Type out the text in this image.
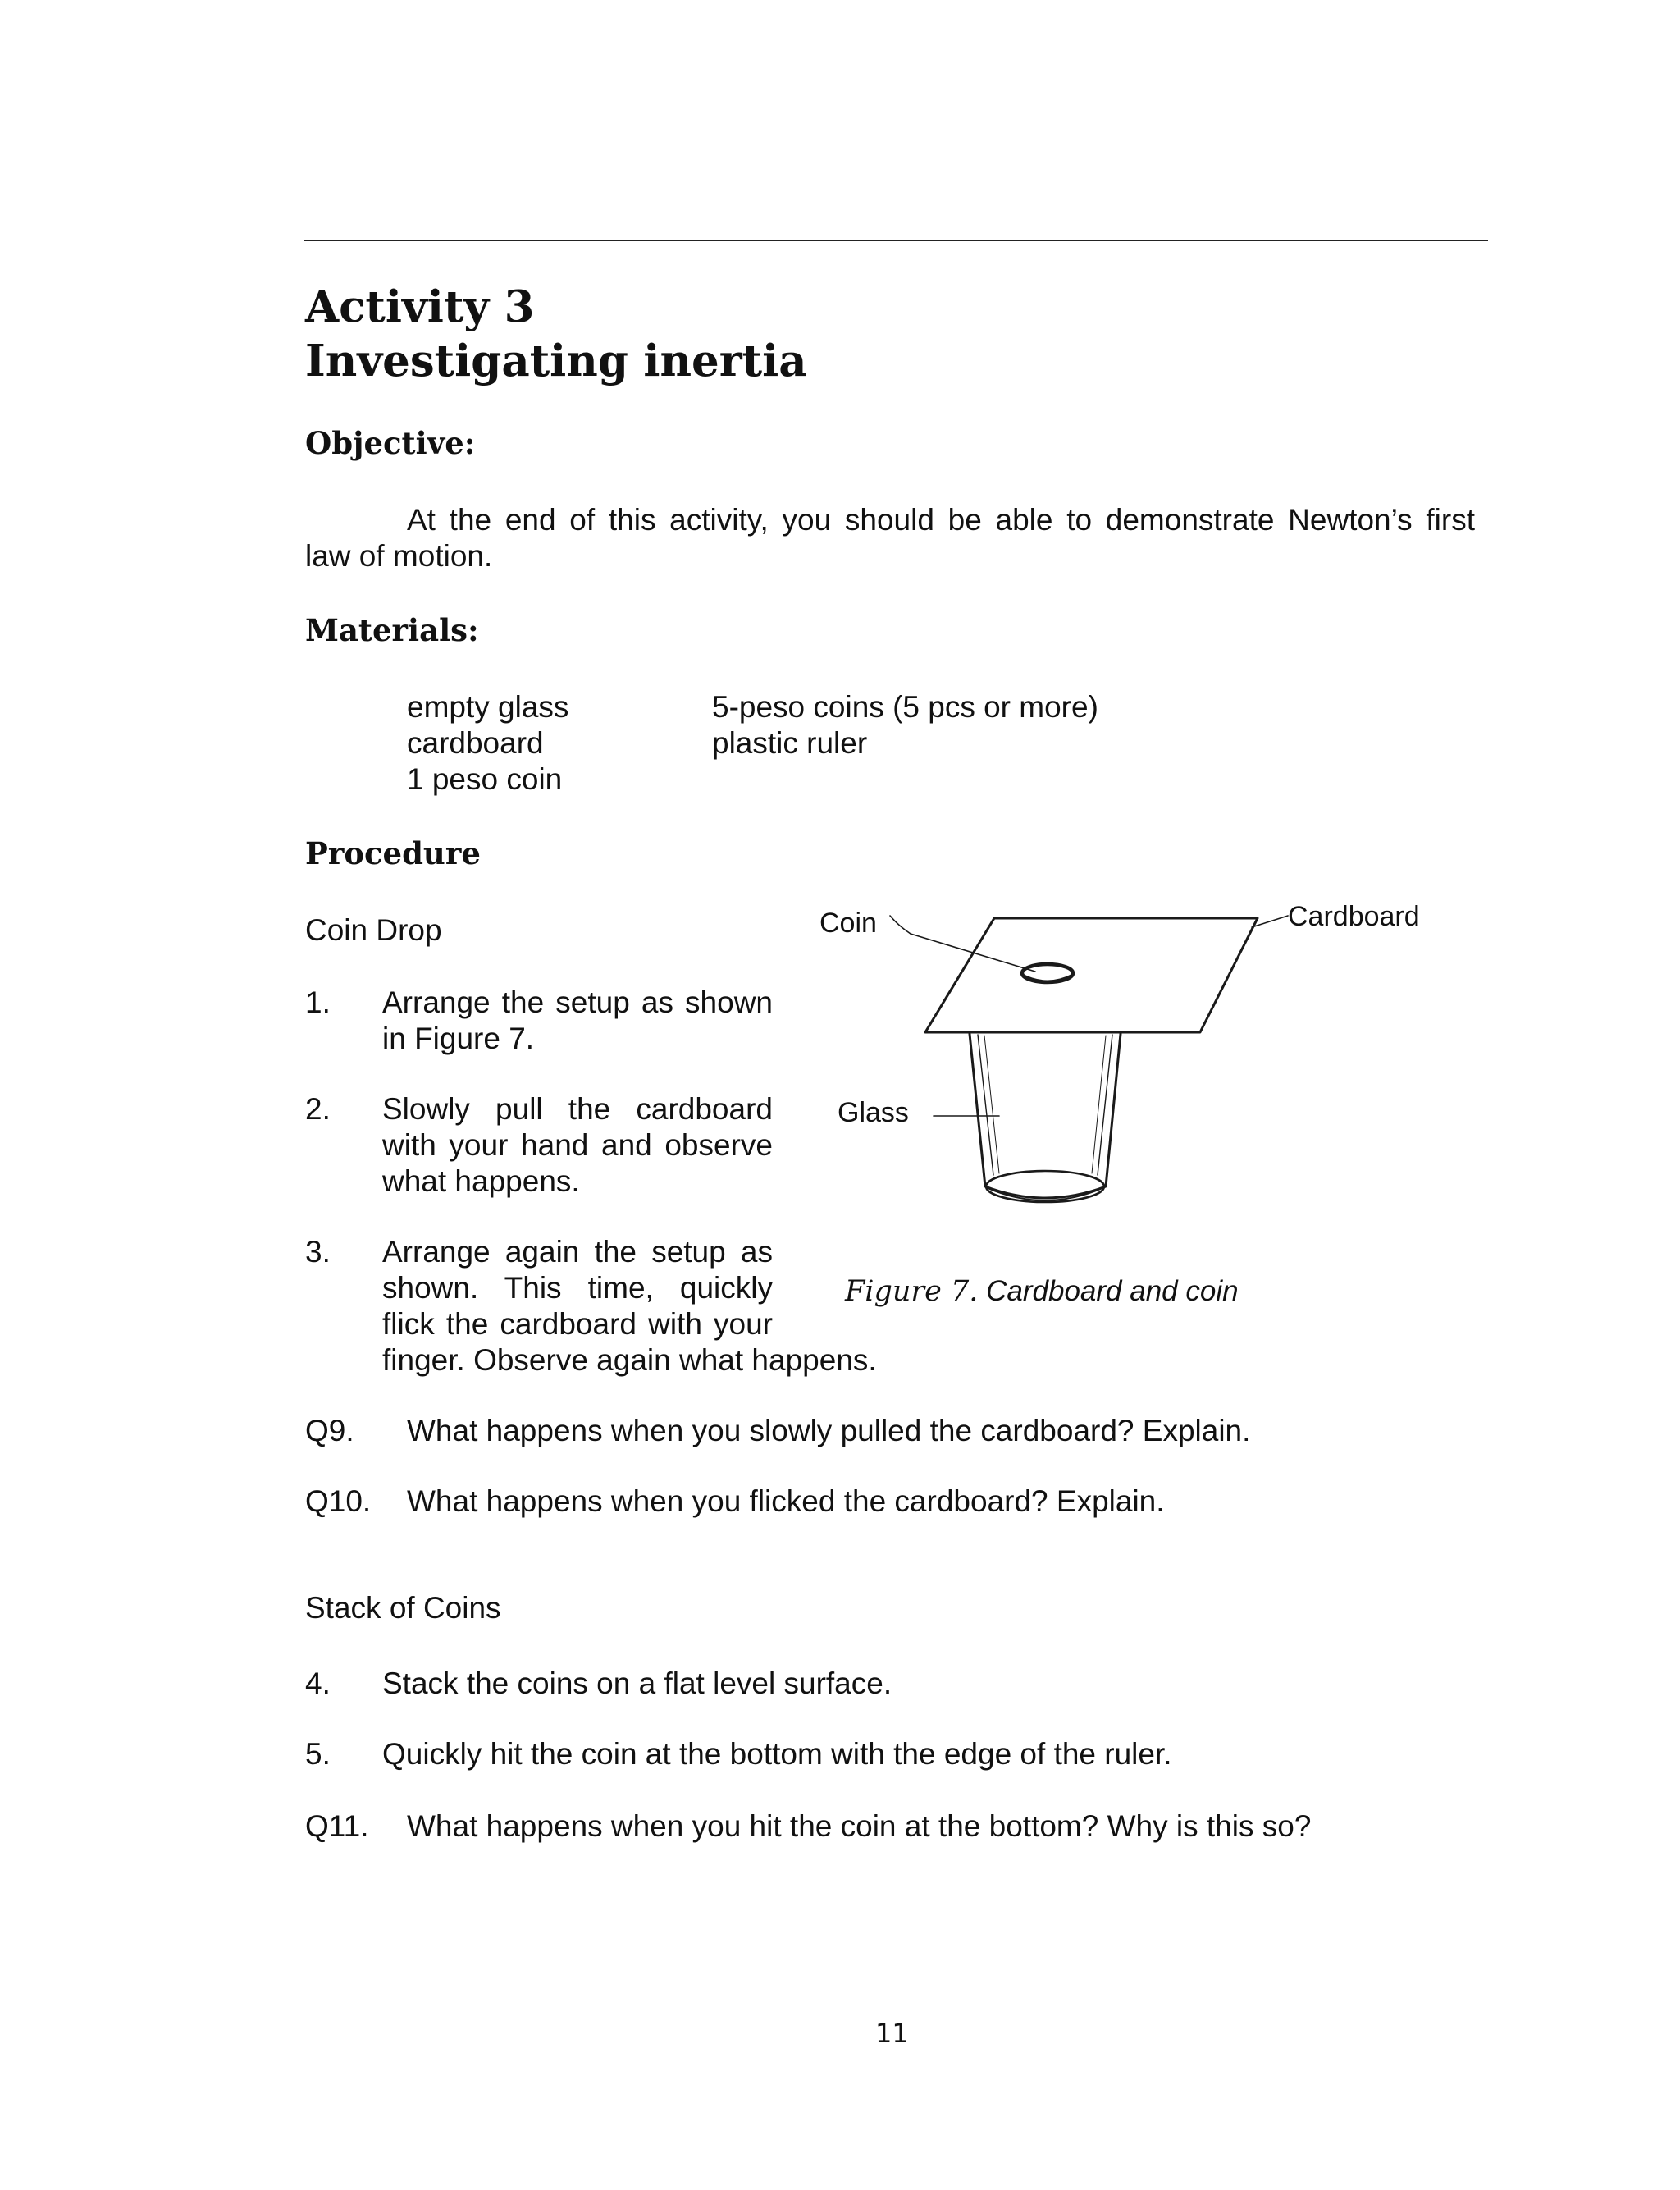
Activity 3
Investigating inertia
Objective:
At the end of this activity, you should be able to demonstrate Newton’s first
law of motion.
Materials:
empty glass
cardboard
1 peso coin
5-peso coins (5 pcs or more)
plastic ruler
Procedure
Coin Drop
1. Arrange the setup as shown
in Figure 7.
2. Slowly pull the cardboard
with your hand and observe
what happens.
3. Arrange again the setup as
shown. This time, quickly
flick the cardboard with your
finger. Observe again what happens.
Coin	Cardboard
Glass
Figure 7. Cardboard and coin
Q9. What happens when you slowly pulled the cardboard? Explain.
Q10. What happens when you flicked the cardboard? Explain.
Stack of Coins
4. Stack the coins on a flat level surface.
5. Quickly hit the coin at the bottom with the edge of the ruler.
Q11. What happens when you hit the coin at the bottom? Why is this so?
11
